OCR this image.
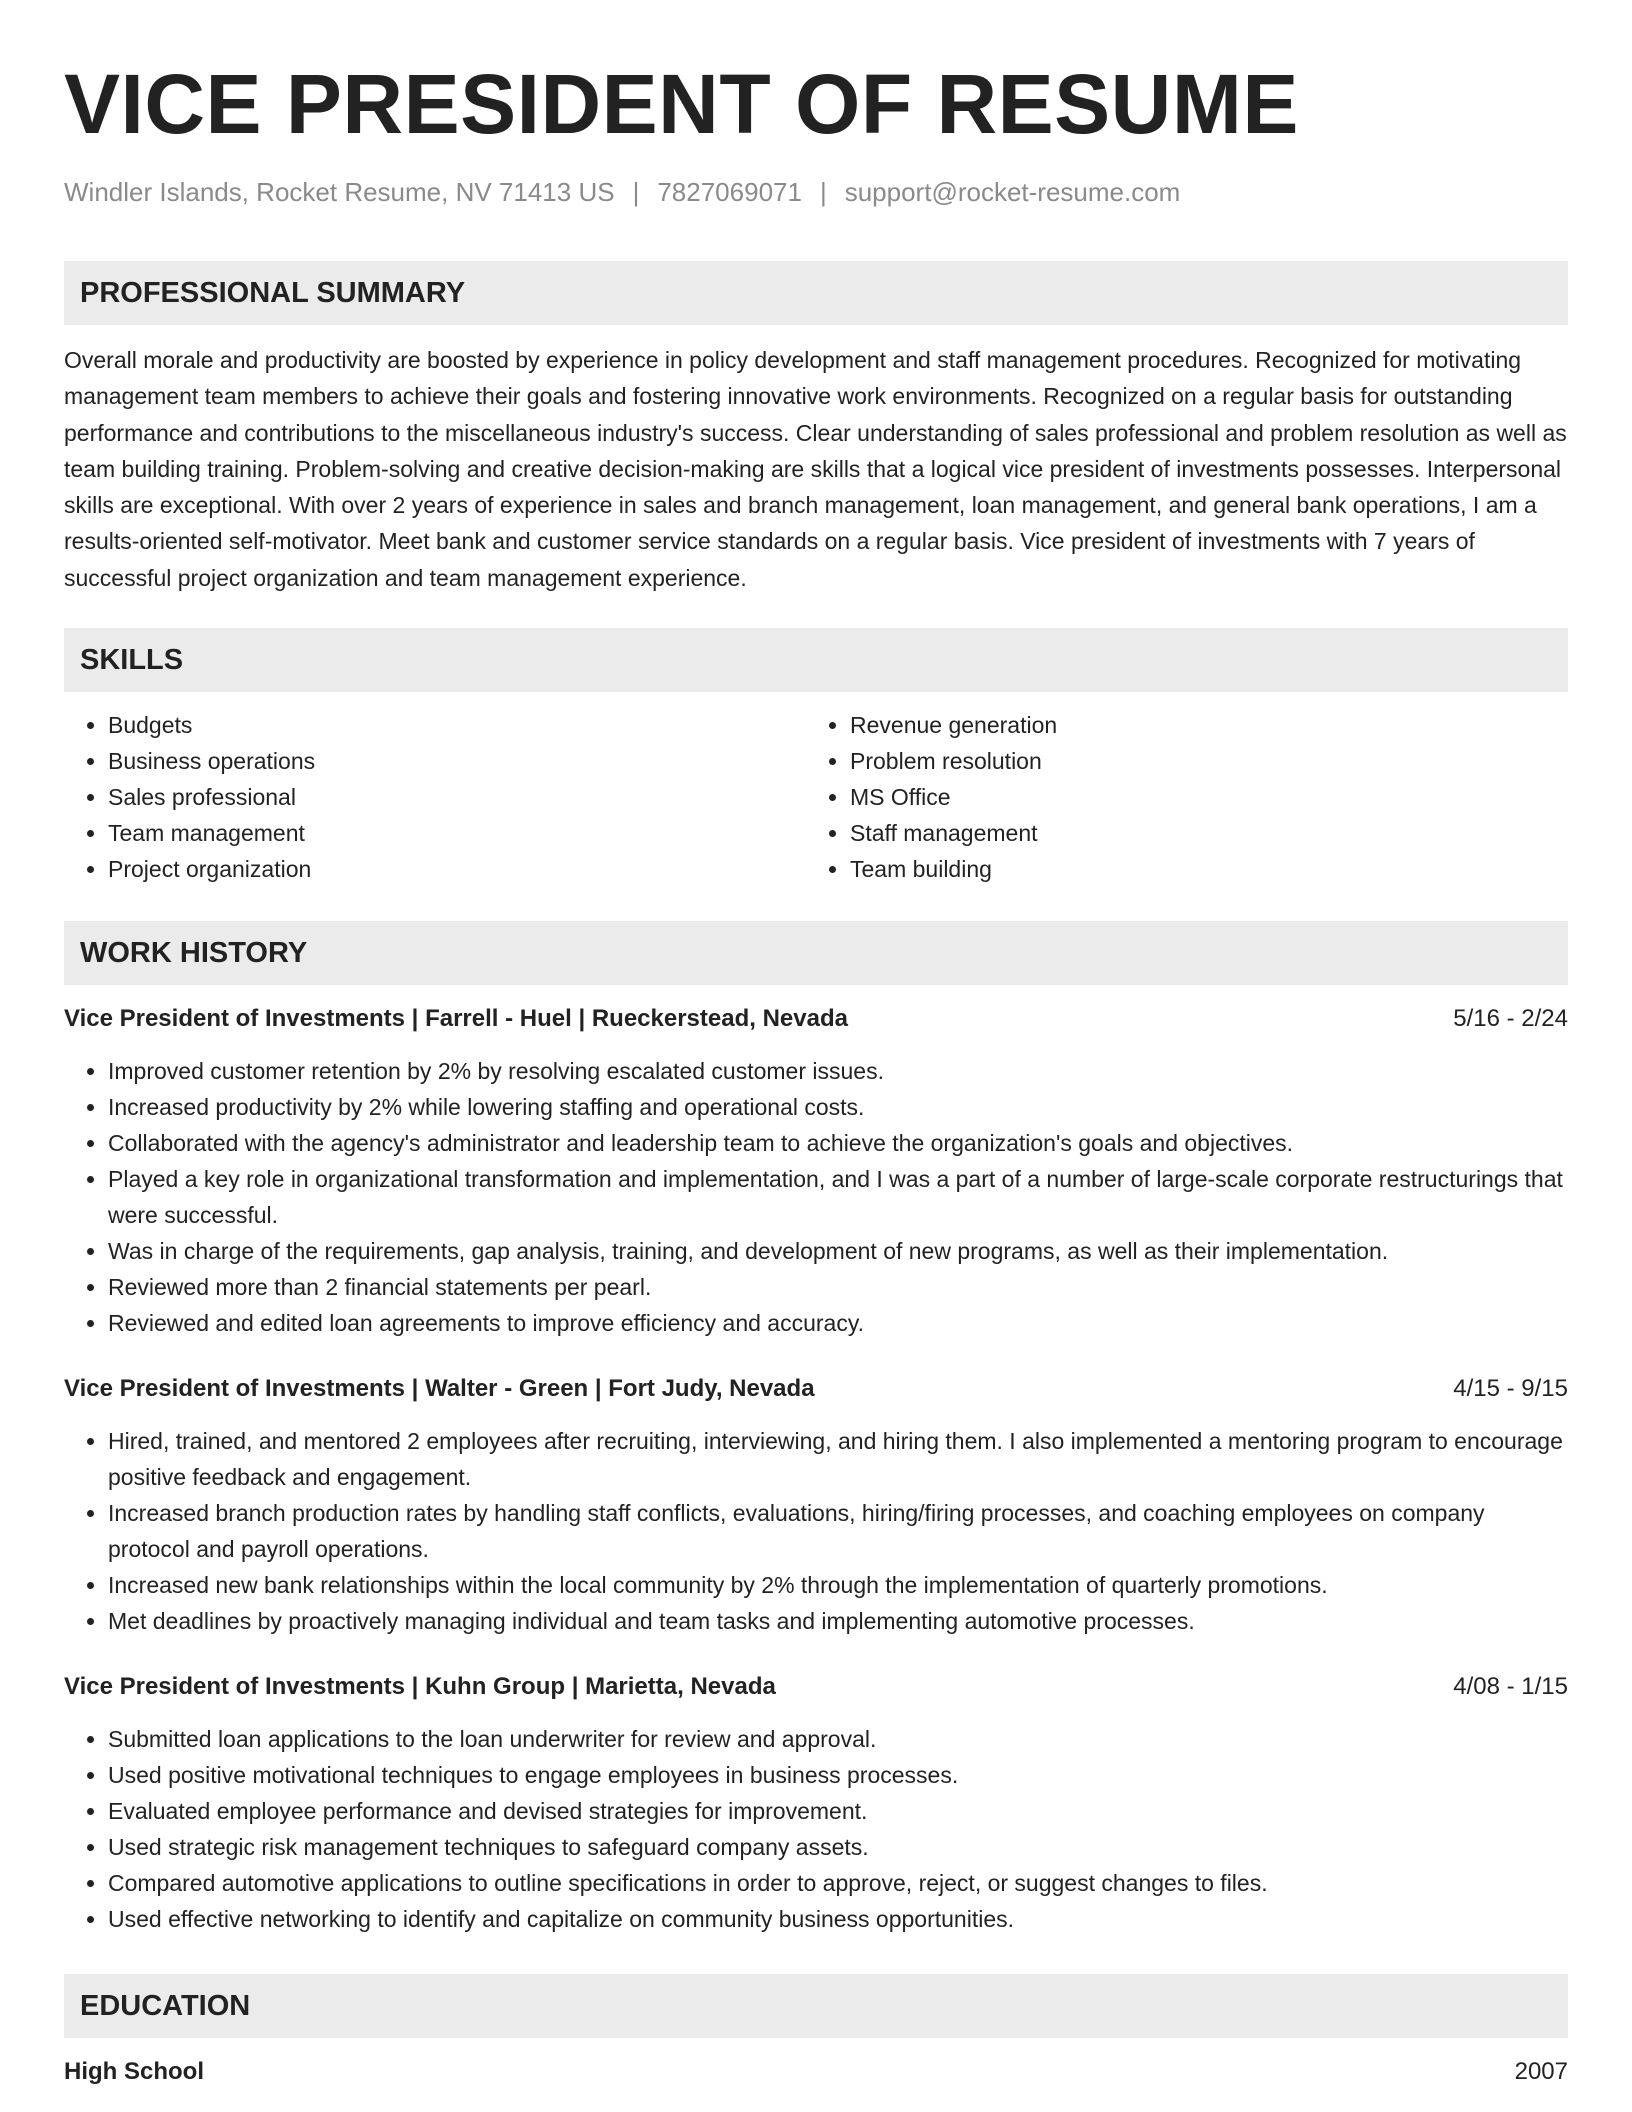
VICE PRESIDENT OF RESUME
Windler Islands, Rocket Resume, NV 71413 US | 7827069071 | support@rocket-resume.com
PROFESSIONAL SUMMARY
Overall morale and productivity are boosted by experience in policy development and staff management procedures. Recognized for motivating management team members to achieve their goals and fostering innovative work environments. Recognized on a regular basis for outstanding performance and contributions to the miscellaneous industry's success. Clear understanding of sales professional and problem resolution as well as team building training. Problem-solving and creative decision-making are skills that a logical vice president of investments possesses. Interpersonal skills are exceptional. With over 2 years of experience in sales and branch management, loan management, and general bank operations, I am a results-oriented self-motivator. Meet bank and customer service standards on a regular basis. Vice president of investments with 7 years of successful project organization and team management experience.
SKILLS
• Budgets
• Business operations
• Sales professional
• Team management
• Project organization
• Revenue generation
• Problem resolution
• MS Office
• Staff management
• Team building
WORK HISTORY
Vice President of Investments | Farrell - Huel | Rueckerstead, Nevada	5/16 - 2/24
• Improved customer retention by 2% by resolving escalated customer issues.
• Increased productivity by 2% while lowering staffing and operational costs.
• Collaborated with the agency's administrator and leadership team to achieve the organization's goals and objectives.
• Played a key role in organizational transformation and implementation, and I was a part of a number of large-scale corporate restructurings that were successful.
• Was in charge of the requirements, gap analysis, training, and development of new programs, as well as their implementation.
• Reviewed more than 2 financial statements per pearl.
• Reviewed and edited loan agreements to improve efficiency and accuracy.
Vice President of Investments | Walter - Green | Fort Judy, Nevada	4/15 - 9/15
• Hired, trained, and mentored 2 employees after recruiting, interviewing, and hiring them. I also implemented a mentoring program to encourage positive feedback and engagement.
• Increased branch production rates by handling staff conflicts, evaluations, hiring/firing processes, and coaching employees on company protocol and payroll operations.
• Increased new bank relationships within the local community by 2% through the implementation of quarterly promotions.
• Met deadlines by proactively managing individual and team tasks and implementing automotive processes.
Vice President of Investments | Kuhn Group | Marietta, Nevada	4/08 - 1/15
• Submitted loan applications to the loan underwriter for review and approval.
• Used positive motivational techniques to engage employees in business processes.
• Evaluated employee performance and devised strategies for improvement.
• Used strategic risk management techniques to safeguard company assets.
• Compared automotive applications to outline specifications in order to approve, reject, or suggest changes to files.
• Used effective networking to identify and capitalize on community business opportunities.
EDUCATION
High School	2007
